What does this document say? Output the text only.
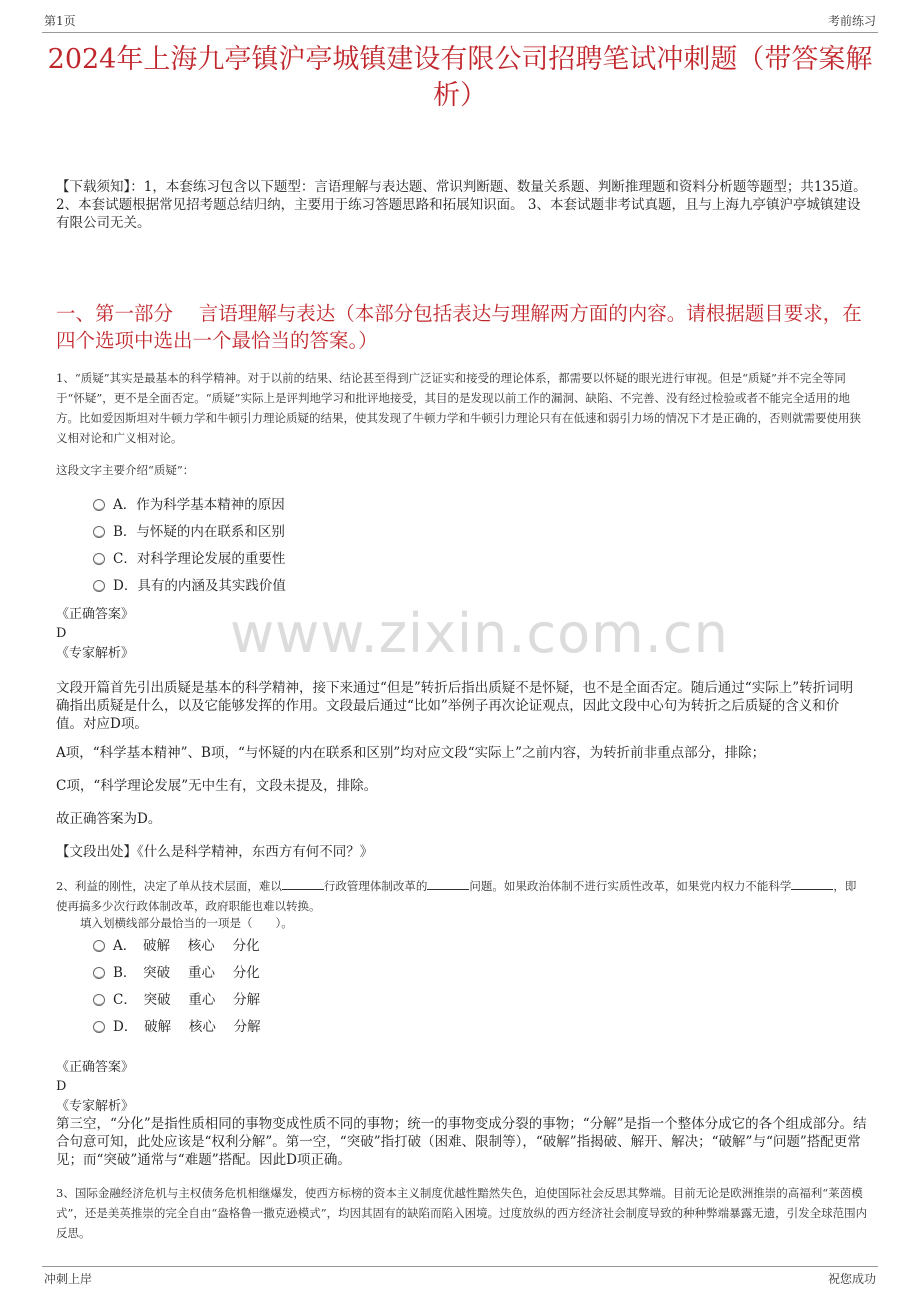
第1页	考前练习
2024年上海九亭镇沪亭城镇建设有限公司招聘笔试冲刺题（带答案解析）
【下载须知】：1，本套练习包含以下题型：言语理解与表达题、常识判断题、数量关系题、判断推理题和资料分析题等题型；共135道。 2、本套试题根据常见招考题总结归纳，主要用于练习答题思路和拓展知识面。 3、本套试题非考试真题，且与上海九亭镇沪亭城镇建设有限公司无关。
一、第一部分　 言语理解与表达（本部分包括表达与理解两方面的内容。请根据题目要求，在四个选项中选出一个最恰当的答案。）
www.zixin.com.cn
1、“质疑”其实是最基本的科学精神。对于以前的结果、结论甚至得到广泛证实和接受的理论体系，都需要以怀疑的眼光进行审视。但是“质疑”并不完全等同于“怀疑”，更不是全面否定。“质疑”实际上是评判地学习和批评地接受，其目的是发现以前工作的漏洞、缺陷、不完善、没有经过检验或者不能完全适用的地方。比如爱因斯坦对牛顿力学和牛顿引力理论质疑的结果，使其发现了牛顿力学和牛顿引力理论只有在低速和弱引力场的情况下才是正确的，否则就需要使用狭义相对论和广义相对论。
这段文字主要介绍“质疑”：
A．作为科学基本精神的原因
B．与怀疑的内在联系和区别
C．对科学理论发展的重要性
D．具有的内涵及其实践价值
《正确答案》
D
《专家解析》
文段开篇首先引出质疑是基本的科学精神，接下来通过“但是”转折后指出质疑不是怀疑，也不是全面否定。随后通过“实际上”转折词明确指出质疑是什么，以及它能够发挥的作用。文段最后通过“比如”举例子再次论证观点，因此文段中心句为转折之后质疑的含义和价值。对应D项。
A项，“科学基本精神”、B项，“与怀疑的内在联系和区别”均对应文段“实际上”之前内容，为转折前非重点部分，排除；
C项，“科学理论发展”无中生有，文段未提及，排除。
故正确答案为D。
【文段出处】《什么是科学精神，东西方有何不同？》
2、利益的刚性，决定了单从技术层面，难以	行政管理体制改革的	问题。如果政治体制不进行实质性改革，如果党内权力不能科学	，即使再搞多少次行政体制改革，政府职能也难以转换。
填入划横线部分最恰当的一项是（　　）。
A．　破解　 核心　 分化
B．　突破　 重心　 分化
C．　突破　 重心　 分解
D．　破解　 核心　 分解
《正确答案》
D
《专家解析》
第三空，“分化”是指性质相同的事物变成性质不同的事物；统一的事物变成分裂的事物；“分解”是指一个整体分成它的各个组成部分。结合句意可知，此处应该是“权利分解”。第一空，“突破”指打破（困难、限制等），“破解”指揭破、解开、解决；“破解”与“问题”搭配更常见；而“突破”通常与“难题”搭配。因此D项正确。
3、国际金融经济危机与主权债务危机相继爆发，使西方标榜的资本主义制度优越性黯然失色，迫使国际社会反思其弊端。目前无论是欧洲推崇的高福利“莱茵模式”，还是美英推崇的完全自由“盎格鲁一撒克逊模式”，均因其固有的缺陷而陷入困境。过度放纵的西方经济社会制度导致的种种弊端暴露无遗，引发全球范围内反思。
冲刺上岸	祝您成功
